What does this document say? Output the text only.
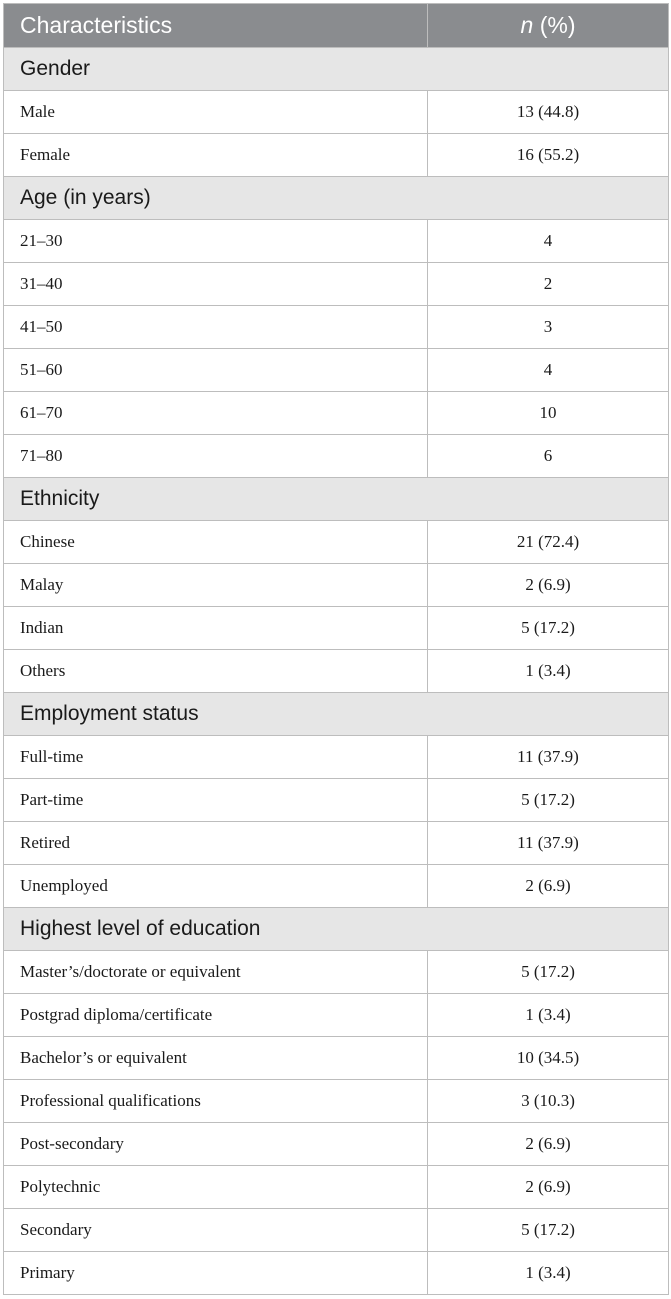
Characteristics	n (%)
Gender	
Male	13 (44.8)
Female	16 (55.2)
Age (in years)	
21–30	4
31–40	2
41–50	3
51–60	4
61–70	10
71–80	6
Ethnicity	
Chinese	21 (72.4)
Malay	2 (6.9)
Indian	5 (17.2)
Others	1 (3.4)
Employment status	
Full-time	11 (37.9)
Part-time	5 (17.2)
Retired	11 (37.9)
Unemployed	2 (6.9)
Highest level of education	
Master’s/doctorate or equivalent	5 (17.2)
Postgrad diploma/certificate	1 (3.4)
Bachelor’s or equivalent	10 (34.5)
Professional qualifications	3 (10.3)
Post-secondary	2 (6.9)
Polytechnic	2 (6.9)
Secondary	5 (17.2)
Primary	1 (3.4)
